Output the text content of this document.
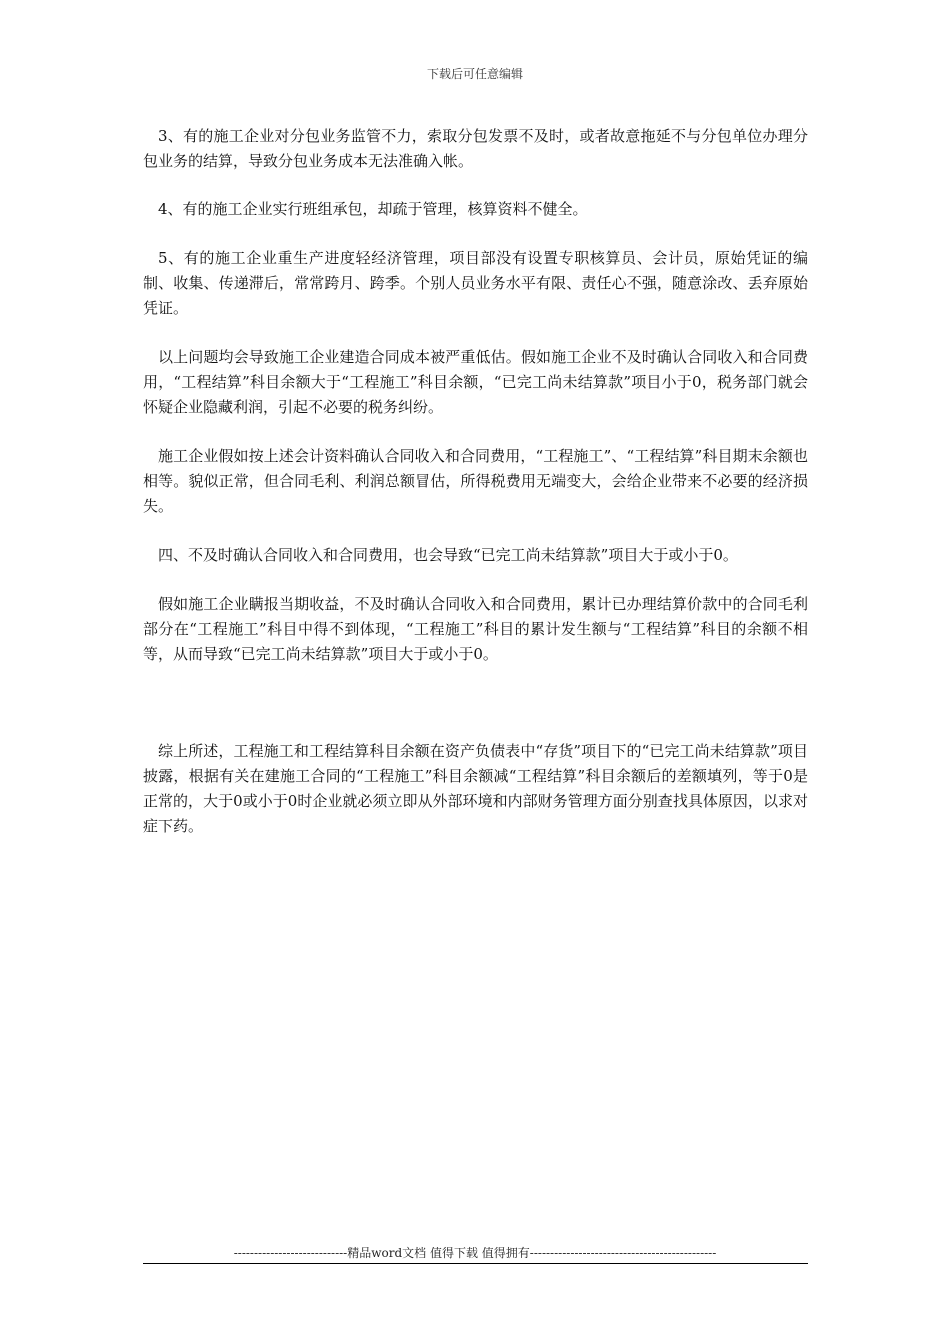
下载后可任意编辑

3、有的施工企业对分包业务监管不力，索取分包发票不及时，或者故意拖延不与分包单位办理分包业务的结算，导致分包业务成本无法准确入帐。

4、有的施工企业实行班组承包，却疏于管理，核算资料不健全。

5、有的施工企业重生产进度轻经济管理，项目部没有设置专职核算员、会计员，原始凭证的编制、收集、传递滞后，常常跨月、跨季。个别人员业务水平有限、责任心不强，随意涂改、丢弃原始凭证。

以上问题均会导致施工企业建造合同成本被严重低估。假如施工企业不及时确认合同收入和合同费用，“工程结算”科目余额大于“工程施工”科目余额，“已完工尚未结算款”项目小于0，税务部门就会怀疑企业隐藏利润，引起不必要的税务纠纷。

施工企业假如按上述会计资料确认合同收入和合同费用，“工程施工”、“工程结算”科目期末余额也相等。貌似正常，但合同毛利、利润总额冒估，所得税费用无端变大，会给企业带来不必要的经济损失。

四、不及时确认合同收入和合同费用，也会导致“已完工尚未结算款”项目大于或小于0。

假如施工企业瞒报当期收益，不及时确认合同收入和合同费用，累计已办理结算价款中的合同毛利部分在“工程施工”科目中得不到体现，“工程施工”科目的累计发生额与“工程结算”科目的余额不相等，从而导致“已完工尚未结算款”项目大于或小于0。

综上所述，工程施工和工程结算科目余额在资产负债表中“存货”项目下的“已完工尚未结算款”项目披露，根据有关在建施工合同的“工程施工”科目余额减“工程结算”科目余额后的差额填列，等于0是正常的，大于0或小于0时企业就必须立即从外部环境和内部财务管理方面分别查找具体原因，以求对症下药。

----------------------------精品word文档 值得下载 值得拥有----------------------------------------------
